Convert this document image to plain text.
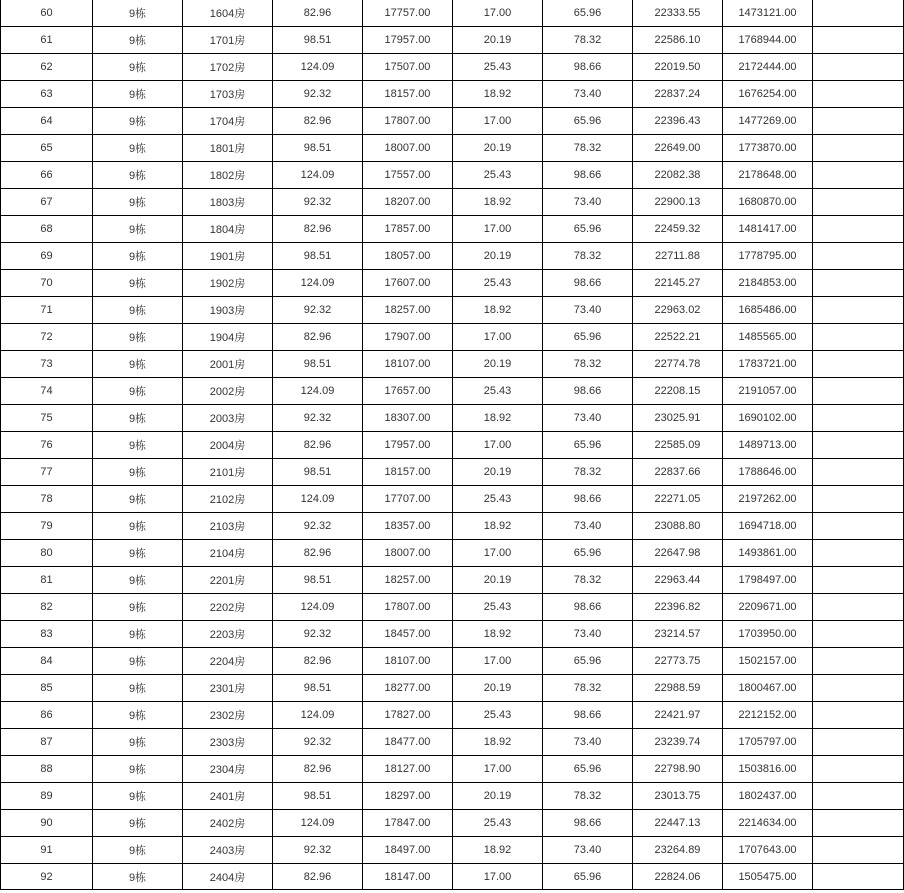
60	9栋	1604房	82.96	17757.00	17.00	65.96	22333.55	1473121.00	
61	9栋	1701房	98.51	17957.00	20.19	78.32	22586.10	1768944.00	
62	9栋	1702房	124.09	17507.00	25.43	98.66	22019.50	2172444.00	
63	9栋	1703房	92.32	18157.00	18.92	73.40	22837.24	1676254.00	
64	9栋	1704房	82.96	17807.00	17.00	65.96	22396.43	1477269.00	
65	9栋	1801房	98.51	18007.00	20.19	78.32	22649.00	1773870.00	
66	9栋	1802房	124.09	17557.00	25.43	98.66	22082.38	2178648.00	
67	9栋	1803房	92.32	18207.00	18.92	73.40	22900.13	1680870.00	
68	9栋	1804房	82.96	17857.00	17.00	65.96	22459.32	1481417.00	
69	9栋	1901房	98.51	18057.00	20.19	78.32	22711.88	1778795.00	
70	9栋	1902房	124.09	17607.00	25.43	98.66	22145.27	2184853.00	
71	9栋	1903房	92.32	18257.00	18.92	73.40	22963.02	1685486.00	
72	9栋	1904房	82.96	17907.00	17.00	65.96	22522.21	1485565.00	
73	9栋	2001房	98.51	18107.00	20.19	78.32	22774.78	1783721.00	
74	9栋	2002房	124.09	17657.00	25.43	98.66	22208.15	2191057.00	
75	9栋	2003房	92.32	18307.00	18.92	73.40	23025.91	1690102.00	
76	9栋	2004房	82.96	17957.00	17.00	65.96	22585.09	1489713.00	
77	9栋	2101房	98.51	18157.00	20.19	78.32	22837.66	1788646.00	
78	9栋	2102房	124.09	17707.00	25.43	98.66	22271.05	2197262.00	
79	9栋	2103房	92.32	18357.00	18.92	73.40	23088.80	1694718.00	
80	9栋	2104房	82.96	18007.00	17.00	65.96	22647.98	1493861.00	
81	9栋	2201房	98.51	18257.00	20.19	78.32	22963.44	1798497.00	
82	9栋	2202房	124.09	17807.00	25.43	98.66	22396.82	2209671.00	
83	9栋	2203房	92.32	18457.00	18.92	73.40	23214.57	1703950.00	
84	9栋	2204房	82.96	18107.00	17.00	65.96	22773.75	1502157.00	
85	9栋	2301房	98.51	18277.00	20.19	78.32	22988.59	1800467.00	
86	9栋	2302房	124.09	17827.00	25.43	98.66	22421.97	2212152.00	
87	9栋	2303房	92.32	18477.00	18.92	73.40	23239.74	1705797.00	
88	9栋	2304房	82.96	18127.00	17.00	65.96	22798.90	1503816.00	
89	9栋	2401房	98.51	18297.00	20.19	78.32	23013.75	1802437.00	
90	9栋	2402房	124.09	17847.00	25.43	98.66	22447.13	2214634.00	
91	9栋	2403房	92.32	18497.00	18.92	73.40	23264.89	1707643.00	
92	9栋	2404房	82.96	18147.00	17.00	65.96	22824.06	1505475.00	
